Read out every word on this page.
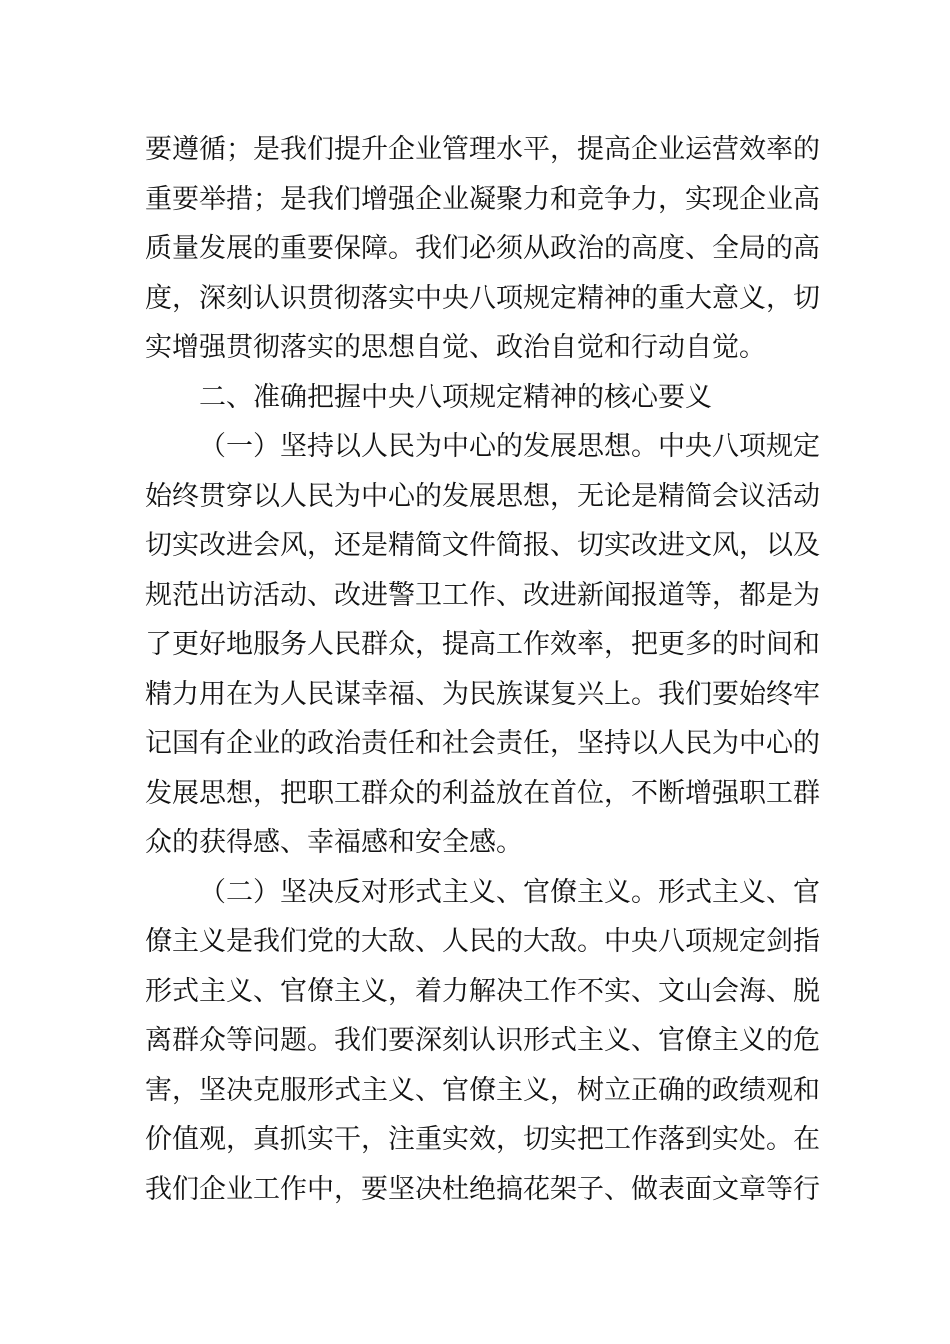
要遵循；是我们提升企业管理水平，提高企业运营效率的
重要举措；是我们增强企业凝聚力和竞争力，实现企业高
质量发展的重要保障。我们必须从政治的高度、全局的高
度，深刻认识贯彻落实中央八项规定精神的重大意义，切
实增强贯彻落实的思想自觉、政治自觉和行动自觉。
二、准确把握中央八项规定精神的核心要义
（一）坚持以人民为中心的发展思想。中央八项规定
始终贯穿以人民为中心的发展思想，无论是精简会议活动
切实改进会风，还是精简文件简报、切实改进文风，以及
规范出访活动、改进警卫工作、改进新闻报道等，都是为
了更好地服务人民群众，提高工作效率，把更多的时间和
精力用在为人民谋幸福、为民族谋复兴上。我们要始终牢
记国有企业的政治责任和社会责任，坚持以人民为中心的
发展思想，把职工群众的利益放在首位，不断增强职工群
众的获得感、幸福感和安全感。
（二）坚决反对形式主义、官僚主义。形式主义、官
僚主义是我们党的大敌、人民的大敌。中央八项规定剑指
形式主义、官僚主义，着力解决工作不实、文山会海、脱
离群众等问题。我们要深刻认识形式主义、官僚主义的危
害，坚决克服形式主义、官僚主义，树立正确的政绩观和
价值观，真抓实干，注重实效，切实把工作落到实处。在
我们企业工作中，要坚决杜绝搞花架子、做表面文章等行
